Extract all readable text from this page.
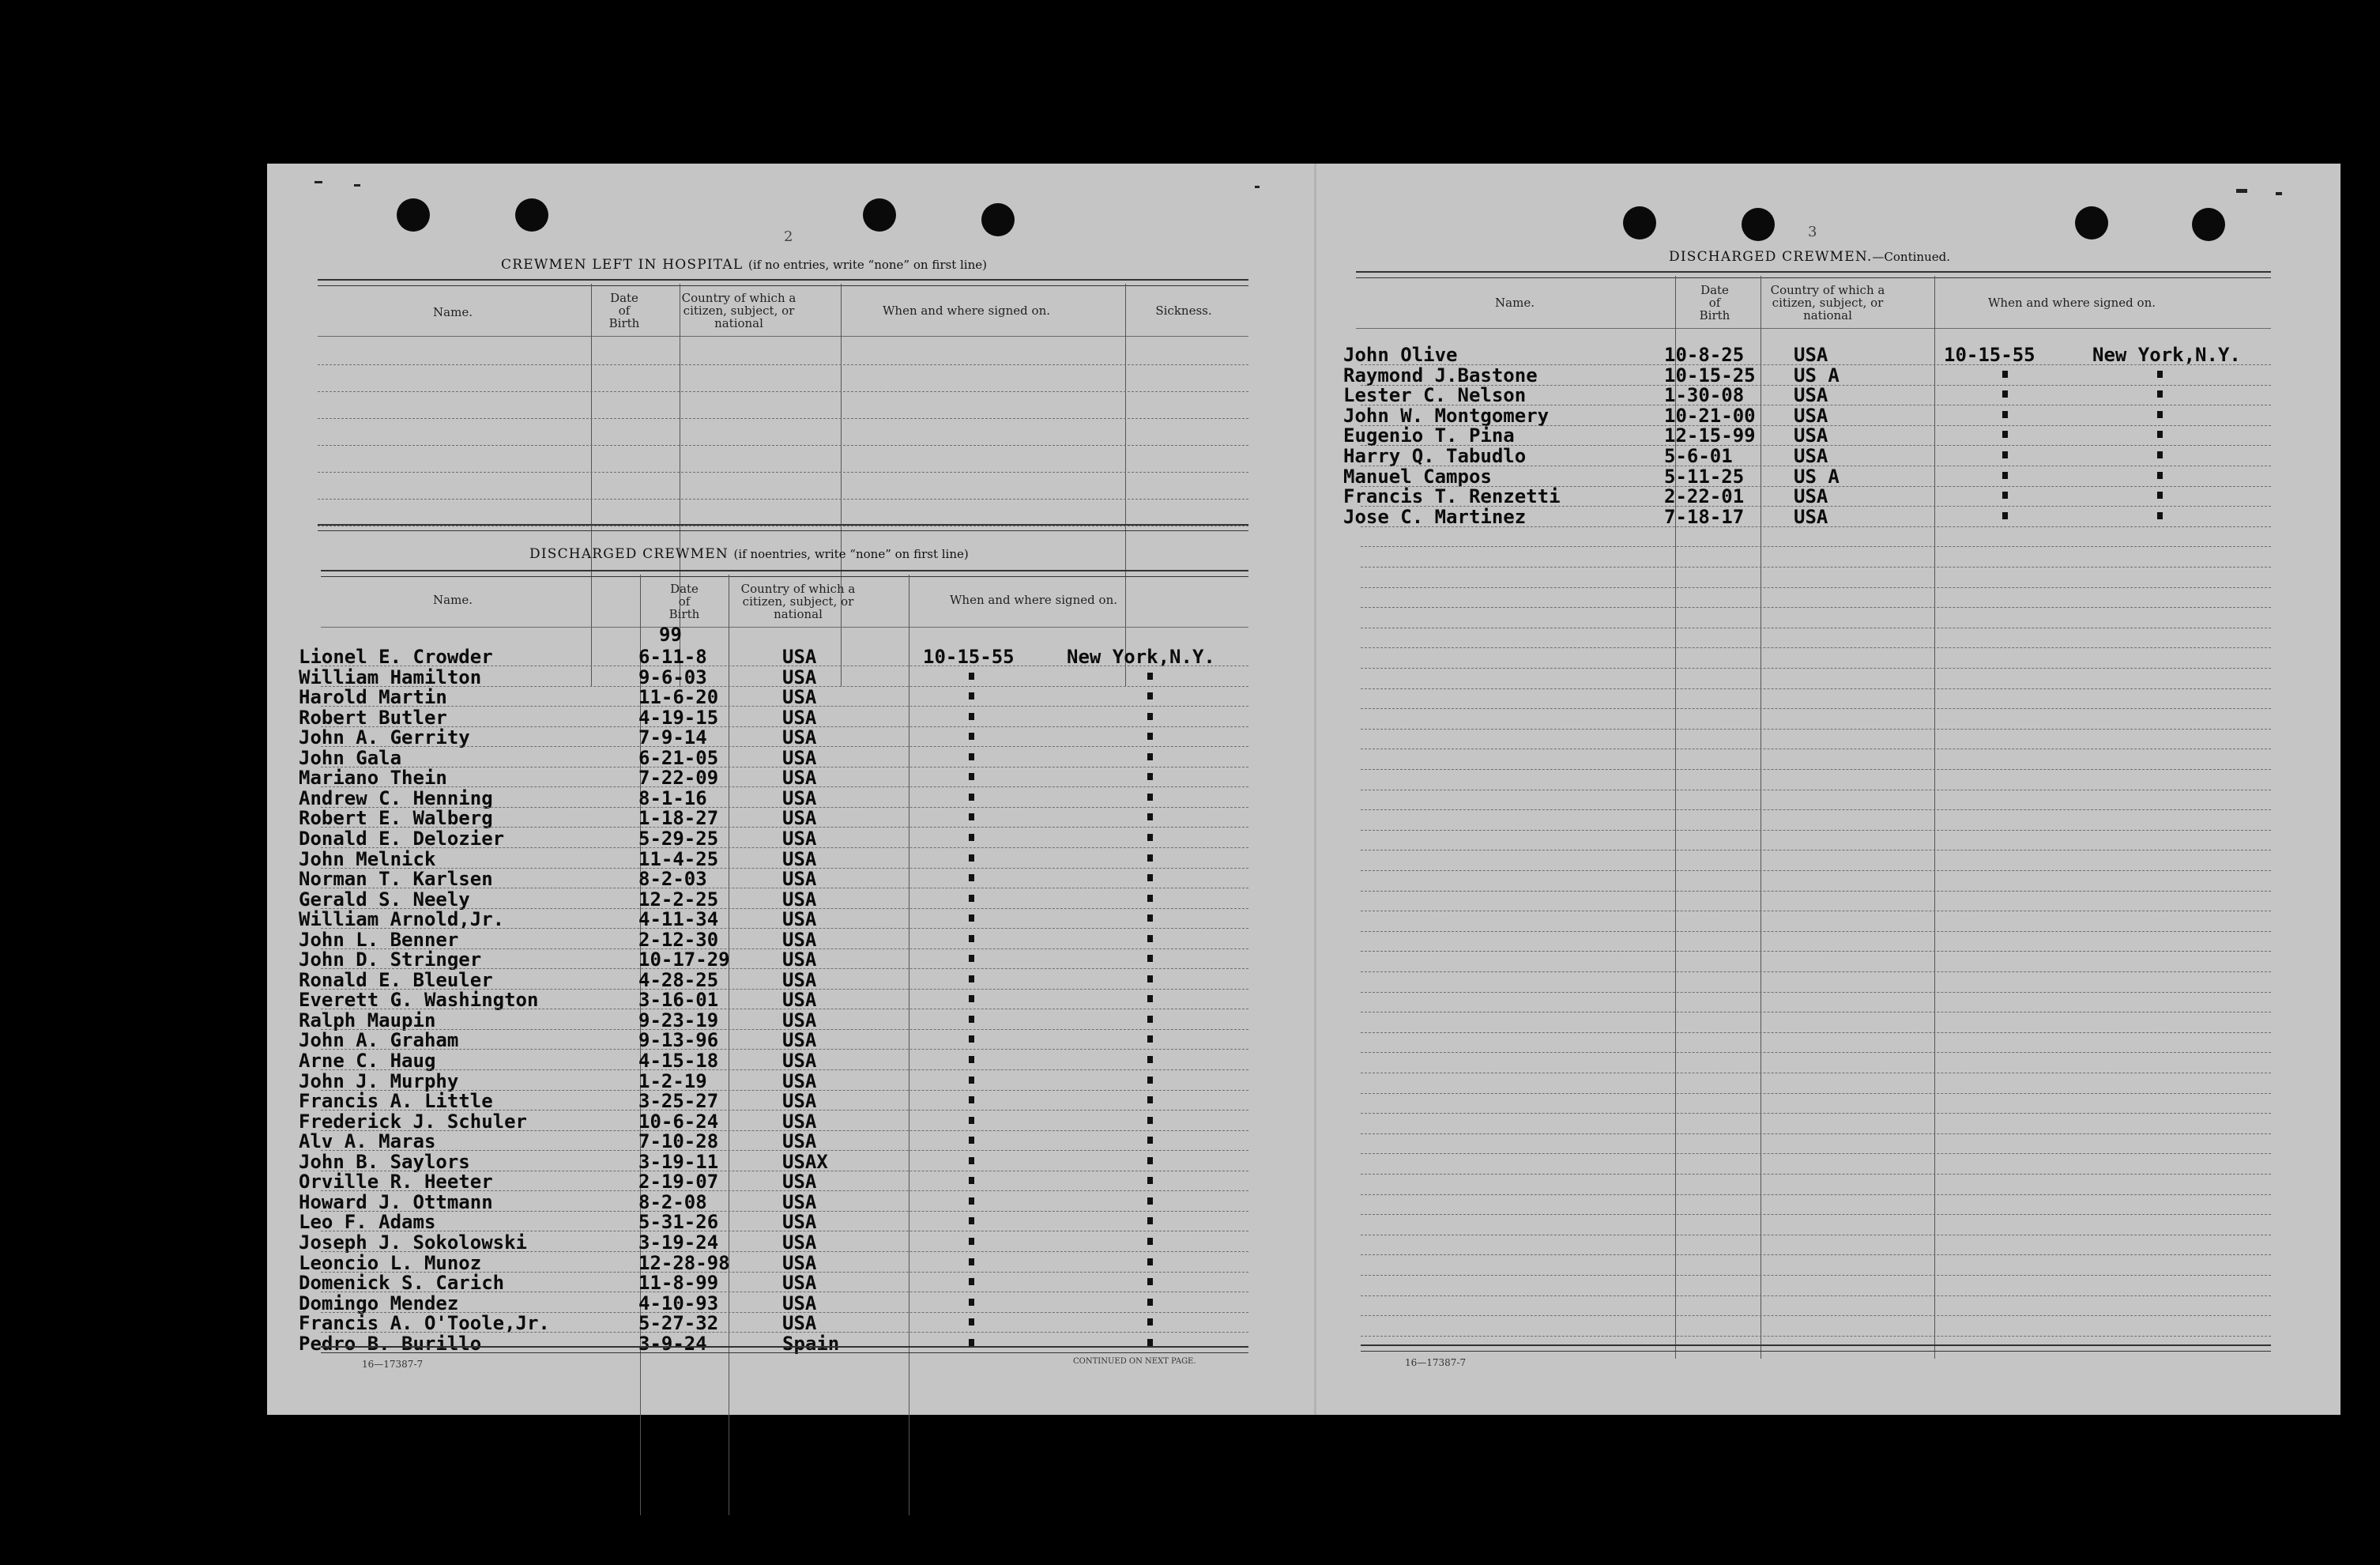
2
CREWMEN LEFT IN HOSPITAL (if no entries, write “none” on first line)
Name.
Date
of
Birth
Country of which a
citizen, subject, or
national
When and where signed on.	Sickness.
DISCHARGED CREWMEN (if noentries, write “none” on first line)
Name.
Date
of
Birth
Country of which a
citizen, subject, or
national
When and where signed on.
99
Lionel E. Crowder	6-11-8	USA	10-15-55	New York,N.Y.
William Hamilton	9-6-03	USA
Harold Martin	11-6-20	USA
Robert Butler	4-19-15	USA
John A. Gerrity	7-9-14	USA
John Gala	6-21-05	USA
Mariano Thein	7-22-09	USA
Andrew C. Henning	8-1-16	USA
Robert E. Walberg	1-18-27	USA
Donald E. Delozier	5-29-25	USA
John Melnick	11-4-25	USA
Norman T. Karlsen	8-2-03	USA
Gerald S. Neely	12-2-25	USA
William Arnold,Jr.	4-11-34	USA
John L. Benner	2-12-30	USA
John D. Stringer	10-17-29	USA
Ronald E. Bleuler	4-28-25	USA
Everett G. Washington	3-16-01	USA
Ralph Maupin	9-23-19	USA
John A. Graham	9-13-96	USA
Arne C. Haug	4-15-18	USA
John J. Murphy	1-2-19	USA
Francis A. Little	3-25-27	USA
Frederick J. Schuler	10-6-24	USA
Alv A. Maras	7-10-28	USA
John B. Saylors	3-19-11	USAX
Orville R. Heeter	2-19-07	USA
Howard J. Ottmann	8-2-08	USA
Leo F. Adams	5-31-26	USA
Joseph J. Sokolowski	3-19-24	USA
Leoncio L. Munoz	12-28-98	USA
Domenick S. Carich	11-8-99	USA
Domingo Mendez	4-10-93	USA
Francis A. O'Toole,Jr.	5-27-32	USA
Pedro B. Burillo	3-9-24	Spain
16—17387-7	CONTINUED ON NEXT PAGE.
3
DISCHARGED CREWMEN.—Continued.
Name.
Date
of
Birth
Country of which a
citizen, subject, or
national
When and where signed on.
John Olive	10-8-25	USA	10-15-55	New York,N.Y.
Raymond J.Bastone	10-15-25 US A
Lester C. Nelson	1-30-08	USA
John W. Montgomery	10-21-00 USA
Eugenio T. Pina	12-15-99 USA
Harry Q. Tabudlo	5-6-01	USA
Manuel Campos	5-11-25	US A
Francis T. Renzetti	2-22-01	USA
Jose C. Martinez	7-18-17	USA
16—17387-7
